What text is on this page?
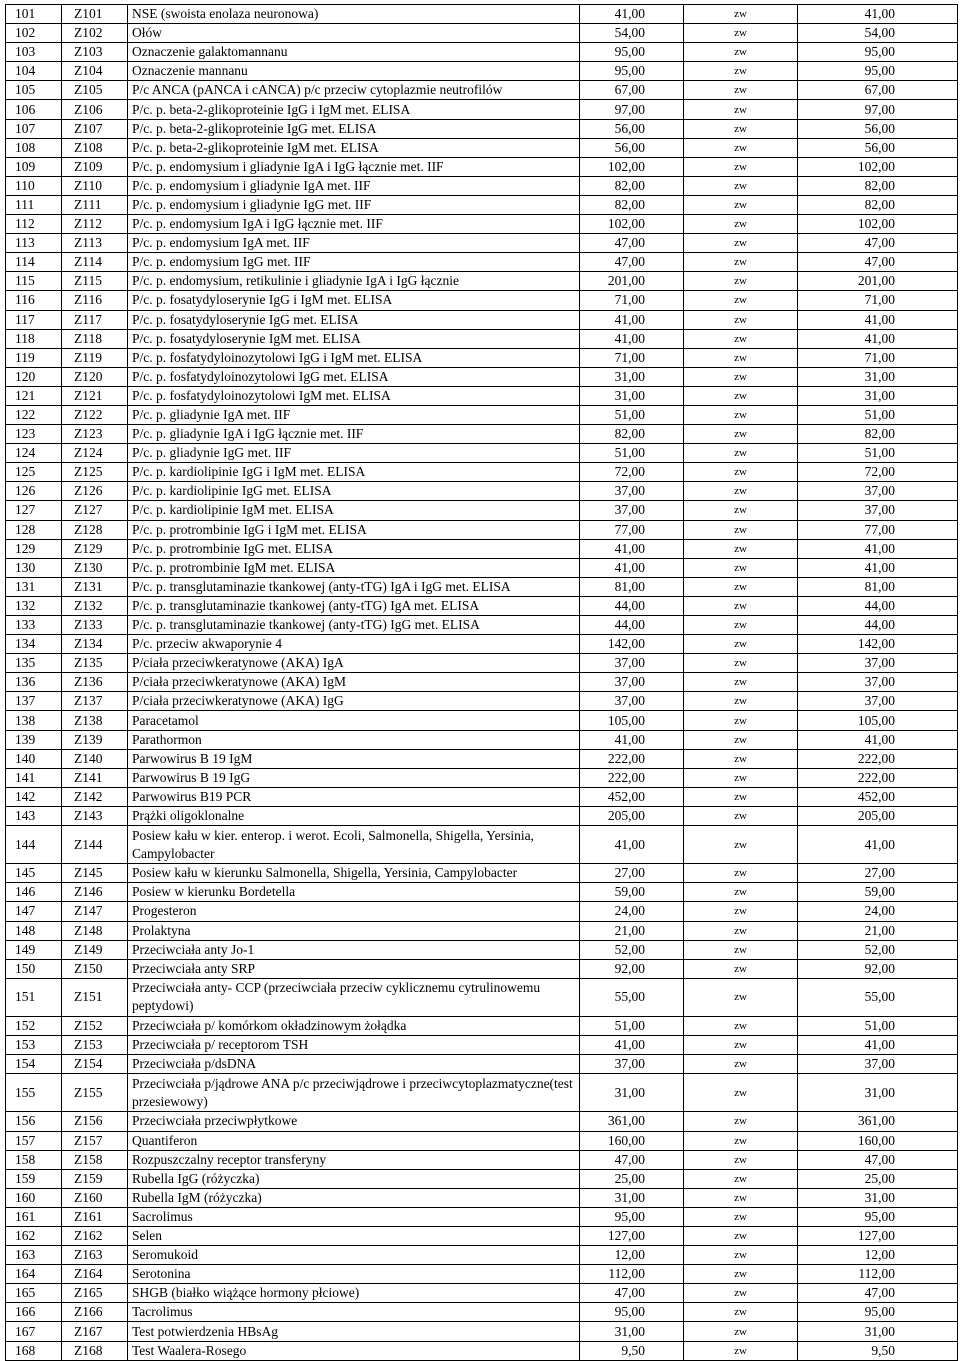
101	Z101	NSE (swoista enolaza neuronowa)	41,00	zw	41,00
102	Z102	Ołów	54,00	zw	54,00
103	Z103	Oznaczenie galaktomannanu	95,00	zw	95,00
104	Z104	Oznaczenie mannanu	95,00	zw	95,00
105	Z105	P/c ANCA (pANCA i cANCA) p/c przeciw cytoplazmie neutrofilów	67,00	zw	67,00
106	Z106	P/c. p. beta-2-glikoproteinie IgG i IgM met. ELISA	97,00	zw	97,00
107	Z107	P/c. p. beta-2-glikoproteinie IgG met. ELISA	56,00	zw	56,00
108	Z108	P/c. p. beta-2-glikoproteinie IgM met. ELISA	56,00	zw	56,00
109	Z109	P/c. p. endomysium i gliadynie IgA i IgG łącznie met. IIF	102,00	zw	102,00
110	Z110	P/c. p. endomysium i gliadynie IgA met. IIF	82,00	zw	82,00
111	Z111	P/c. p. endomysium i gliadynie IgG met. IIF	82,00	zw	82,00
112	Z112	P/c. p. endomysium IgA i IgG łącznie met. IIF	102,00	zw	102,00
113	Z113	P/c. p. endomysium IgA met. IIF	47,00	zw	47,00
114	Z114	P/c. p. endomysium IgG met. IIF	47,00	zw	47,00
115	Z115	P/c. p. endomysium, retikulinie i gliadynie IgA i IgG łącznie	201,00	zw	201,00
116	Z116	P/c. p. fosatydyloserynie IgG i IgM met. ELISA	71,00	zw	71,00
117	Z117	P/c. p. fosatydyloserynie IgG met. ELISA	41,00	zw	41,00
118	Z118	P/c. p. fosatydyloserynie IgM met. ELISA	41,00	zw	41,00
119	Z119	P/c. p. fosfatydyloinozytolowi IgG i IgM met. ELISA	71,00	zw	71,00
120	Z120	P/c. p. fosfatydyloinozytolowi IgG met. ELISA	31,00	zw	31,00
121	Z121	P/c. p. fosfatydyloinozytolowi IgM met. ELISA	31,00	zw	31,00
122	Z122	P/c. p. gliadynie IgA met. IIF	51,00	zw	51,00
123	Z123	P/c. p. gliadynie IgA i IgG łącznie met. IIF	82,00	zw	82,00
124	Z124	P/c. p. gliadynie IgG met. IIF	51,00	zw	51,00
125	Z125	P/c. p. kardiolipinie IgG i IgM met. ELISA	72,00	zw	72,00
126	Z126	P/c. p. kardiolipinie IgG met. ELISA	37,00	zw	37,00
127	Z127	P/c. p. kardiolipinie IgM met. ELISA	37,00	zw	37,00
128	Z128	P/c. p. protrombinie IgG i IgM met. ELISA	77,00	zw	77,00
129	Z129	P/c. p. protrombinie IgG met. ELISA	41,00	zw	41,00
130	Z130	P/c. p. protrombinie IgM met. ELISA	41,00	zw	41,00
131	Z131	P/c. p. transglutaminazie tkankowej (anty-tTG) IgA i IgG met. ELISA	81,00	zw	81,00
132	Z132	P/c. p. transglutaminazie tkankowej (anty-tTG) IgA met. ELISA	44,00	zw	44,00
133	Z133	P/c. p. transglutaminazie tkankowej (anty-tTG) IgG met. ELISA	44,00	zw	44,00
134	Z134	P/c. przeciw akwaporynie 4	142,00	zw	142,00
135	Z135	P/ciała przeciwkeratynowe (AKA) IgA	37,00	zw	37,00
136	Z136	P/ciała przeciwkeratynowe (AKA) IgM	37,00	zw	37,00
137	Z137	P/ciała przeciwkeratynowe (AKA) IgG	37,00	zw	37,00
138	Z138	Paracetamol	105,00	zw	105,00
139	Z139	Parathormon	41,00	zw	41,00
140	Z140	Parwowirus B 19 IgM	222,00	zw	222,00
141	Z141	Parwowirus B 19 IgG	222,00	zw	222,00
142	Z142	Parwowirus B19 PCR	452,00	zw	452,00
143	Z143	Prążki oligoklonalne	205,00	zw	205,00
144	Z144	Posiew kału w kier. enterop. i werot. Ecoli, Salmonella, Shigella, Yersinia, Campylobacter	41,00	zw	41,00
145	Z145	Posiew kału w kierunku Salmonella, Shigella, Yersinia, Campylobacter	27,00	zw	27,00
146	Z146	Posiew w kierunku Bordetella	59,00	zw	59,00
147	Z147	Progesteron	24,00	zw	24,00
148	Z148	Prolaktyna	21,00	zw	21,00
149	Z149	Przeciwciała anty Jo-1	52,00	zw	52,00
150	Z150	Przeciwciała anty SRP	92,00	zw	92,00
151	Z151	Przeciwciała anty- CCP (przeciwciała przeciw cyklicznemu cytrulinowemu peptydowi)	55,00	zw	55,00
152	Z152	Przeciwciała p/ komórkom okładzinowym żołądka	51,00	zw	51,00
153	Z153	Przeciwciała p/ receptorom TSH	41,00	zw	41,00
154	Z154	Przeciwciała p/dsDNA	37,00	zw	37,00
155	Z155	Przeciwciała p/jądrowe ANA p/c przeciwjądrowe i przeciwcytoplazmatyczne(test przesiewowy)	31,00	zw	31,00
156	Z156	Przeciwciała przeciwpłytkowe	361,00	zw	361,00
157	Z157	Quantiferon	160,00	zw	160,00
158	Z158	Rozpuszczalny receptor transferyny	47,00	zw	47,00
159	Z159	Rubella IgG (różyczka)	25,00	zw	25,00
160	Z160	Rubella IgM (różyczka)	31,00	zw	31,00
161	Z161	Sacrolimus	95,00	zw	95,00
162	Z162	Selen	127,00	zw	127,00
163	Z163	Seromukoid	12,00	zw	12,00
164	Z164	Serotonina	112,00	zw	112,00
165	Z165	SHGB (białko wiążące hormony płciowe)	47,00	zw	47,00
166	Z166	Tacrolimus	95,00	zw	95,00
167	Z167	Test potwierdzenia HBsAg	31,00	zw	31,00
168	Z168	Test Waalera-Rosego	9,50	zw	9,50
